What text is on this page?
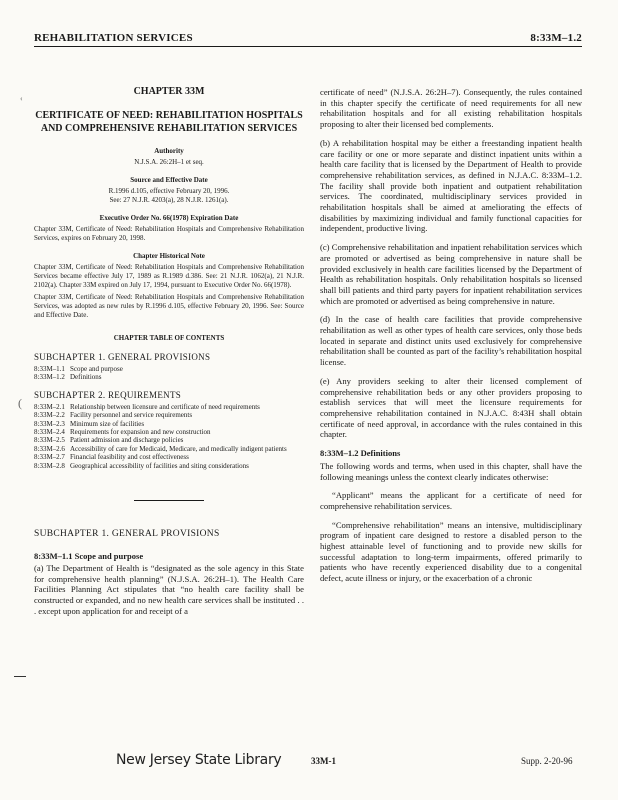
REHABILITATION SERVICES	8:33M–1.2
‹
(
CHAPTER 33M
CERTIFICATE OF NEED: REHABILITATION HOSPITALS AND COMPREHENSIVE REHABILITATION SERVICES
Authority
N.J.S.A. 26:2H–1 et seq.
Source and Effective Date
R.1996 d.105, effective February 20, 1996.
See: 27 N.J.R. 4203(a), 28 N.J.R. 1261(a).
Executive Order No. 66(1978) Expiration Date

Chapter 33M, Certificate of Need: Rehabilitation Hospitals and Comprehensive Rehabilitation Services, expires on February 20, 1998.

Chapter Historical Note

Chapter 33M, Certificate of Need: Rehabilitation Hospitals and Comprehensive Rehabilitation Services became effective July 17, 1989 as R.1989 d.386. See: 21 N.J.R. 1062(a), 21 N.J.R. 2102(a). Chapter 33M expired on July 17, 1994, pursuant to Executive Order No. 66(1978).

Chapter 33M, Certificate of Need: Rehabilitation Hospitals and Comprehensive Rehabilitation Services, was adopted as new rules by R.1996 d.105, effective February 20, 1996. See: Source and Effective Date.

CHAPTER TABLE OF CONTENTS
SUBCHAPTER 1. GENERAL PROVISIONS
8:33M–1.1 Scope and purpose
8:33M–1.2 Definitions
SUBCHAPTER 2. REQUIREMENTS
8:33M–2.1 Relationship between licensure and certificate of need requirements
8:33M–2.2 Facility personnel and service requirements
8:33M–2.3 Minimum size of facilities
8:33M–2.4 Requirements for expansion and new construction
8:33M–2.5 Patient admission and discharge policies
8:33M–2.6 Accessibility of care for Medicaid, Medicare, and medically indigent patients
8:33M–2.7 Financial feasibility and cost effectiveness
8:33M–2.8 Geographical accessibility of facilities and siting considerations
SUBCHAPTER 1. GENERAL PROVISIONS
8:33M–1.1 Scope and purpose

(a) The Department of Health is “designated as the sole agency in this State for comprehensive health planning” (N.J.S.A. 26:2H–1). The Health Care Facilities Planning Act stipulates that “no health care facility shall be constructed or expanded, and no new health care services shall be instituted . . . except upon application for and receipt of a

certificate of need” (N.J.S.A. 26:2H–7). Consequently, the rules contained in this chapter specify the certificate of need requirements for all new rehabilitation hospitals and for all existing rehabilitation hospitals proposing to alter their licensed bed complements.

(b) A rehabilitation hospital may be either a freestanding inpatient health care facility or one or more separate and distinct inpatient units within a health care facility that is licensed by the Department of Health to provide comprehensive rehabilitation services, as defined in N.J.A.C. 8:33M–1.2. The facility shall provide both inpatient and outpatient rehabilitation services. The coordinated, multidisciplinary services provided in rehabilitation hospitals shall be aimed at ameliorating the effects of disabilities by maximizing individual and family functional capacities for independent, productive living.

(c) Comprehensive rehabilitation and inpatient rehabilitation services which are promoted or advertised as being comprehensive in nature shall be provided exclusively in health care facilities licensed by the Department of Health as rehabilitation hospitals. Only rehabilitation hospitals so licensed shall bill patients and third party payers for inpatient rehabilitation services which are promoted or advertised as being comprehensive in nature.

(d) In the case of health care facilities that provide comprehensive rehabilitation as well as other types of health care services, only those beds located in separate and distinct units used exclusively for comprehensive rehabilitation shall be counted as part of the facility’s rehabilitation hospital license.

(e) Any providers seeking to alter their licensed complement of comprehensive rehabilitation beds or any other providers proposing to establish services that will meet the licensure requirements for comprehensive rehabilitation contained in N.J.A.C. 8:43H shall obtain certificate of need approval, in accordance with the rules contained in this chapter.

8:33M–1.2 Definitions

The following words and terms, when used in this chapter, shall have the following meanings unless the context clearly indicates otherwise:

“Applicant” means the applicant for a certificate of need for comprehensive rehabilitation services.

“Comprehensive rehabilitation” means an intensive, multidisciplinary program of inpatient care designed to restore a disabled person to the highest attainable level of functioning and to provide new skills for successful adaptation to long-term impairments, offered primarily to patients who have recently experienced disability due to a congenital defect, acute illness or injury, or the exacerbation of a chronic

New Jersey State Library	33M-1	Supp. 2-20-96
